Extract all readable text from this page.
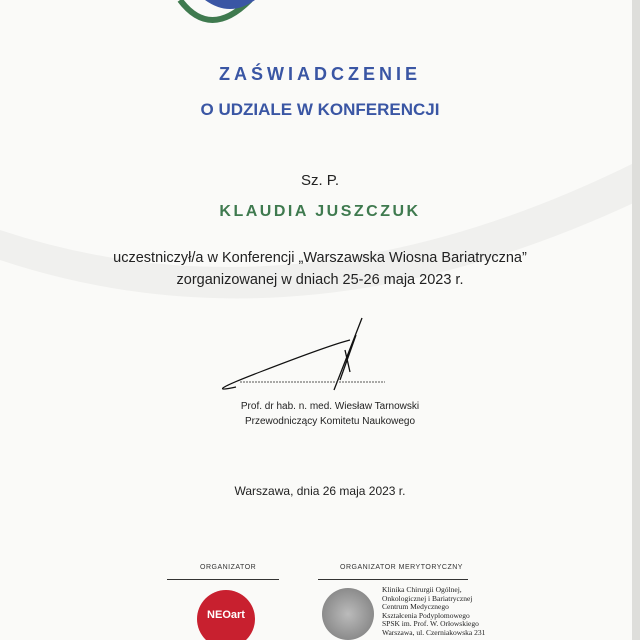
ZAŚWIADCZENIE
O UDZIALE W KONFERENCJI
Sz. P.
KLAUDIA JUSZCZUK
uczestniczył/a w Konferencji „Warszawska Wiosna Bariatryczna”
zorganizowanej w dniach 25-26 maja 2023 r.
Prof. dr hab. n. med. Wiesław Tarnowski
Przewodniczący Komitetu Naukowego
Warszawa, dnia 26 maja 2023 r.
ORGANIZATOR	ORGANIZATOR MERYTORYCZNY
NEOart
Klinika Chirurgii Ogólnej,
Onkologicznej i Bariatrycznej
Centrum Medycznego
Kształcenia Podyplomowego
SPSK im. Prof. W. Orłowskiego
Warszawa, ul. Czerniakowska 231
